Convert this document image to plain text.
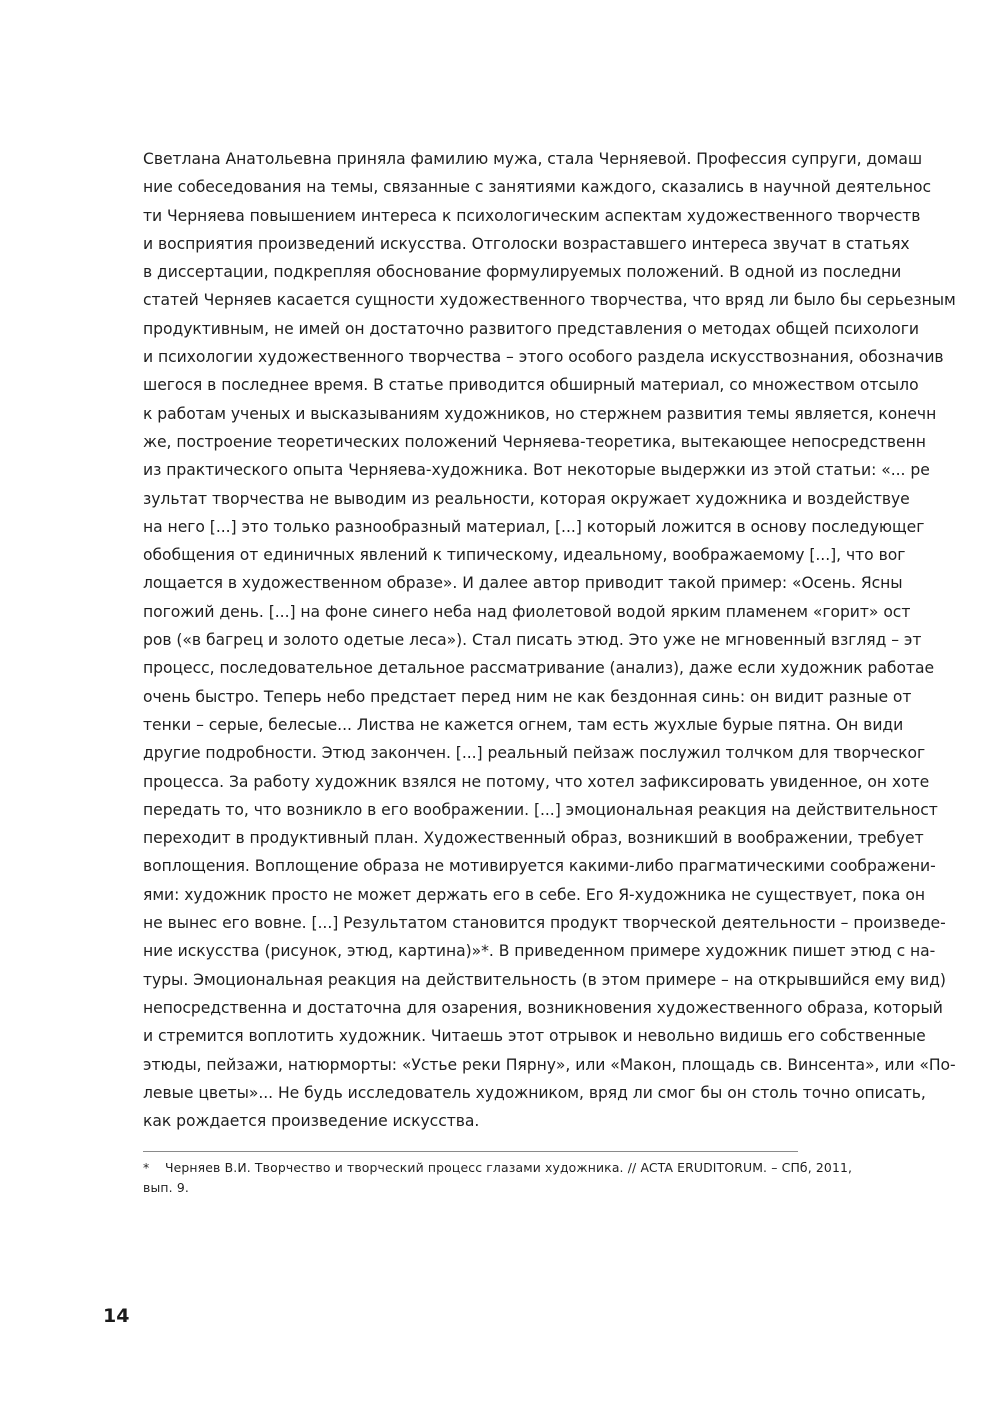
Светлана Анатольевна приняла фамилию мужа, стала Черняевой. Профессия супруги, домаш
ние собеседования на темы, связанные с занятиями каждого, сказались в научной деятельнос
ти Черняева повышением интереса к психологическим аспектам художественного творчеств
и восприятия произведений искусства. Отголоски возраставшего интереса звучат в статьях
в диссертации, подкрепляя обоснование формулируемых положений. В одной из последни
статей Черняев касается сущности художественного творчества, что вряд ли было бы серьезным
продуктивным, не имей он достаточно развитого представления о методах общей психологи
и психологии художественного творчества – этого особого раздела искусствознания, обозначив
шегося в последнее время. В статье приводится обширный материал, со множеством отсыло
к работам ученых и высказываниям художников, но стержнем развития темы является, конечн
же, построение теоретических положений Черняева-теоретика, вытекающее непосредственн
из практического опыта Черняева-художника. Вот некоторые выдержки из этой статьи: «... ре
зультат творчества не выводим из реальности, которая окружает художника и воздействуе
на него [...] это только разнообразный материал, [...] который ложится в основу последующег
обобщения от единичных явлений к типическому, идеальному, воображаемому [...], что вог
лощается в художественном образе». И далее автор приводит такой пример: «Осень. Ясны
погожий день. [...] на фоне синего неба над фиолетовой водой ярким пламенем «горит» ост
ров («в багрец и золото одетые леса»). Стал писать этюд. Это уже не мгновенный взгляд – эт
процесс, последовательное детальное рассматривание (анализ), даже если художник работае
очень быстро. Теперь небо предстает перед ним не как бездонная синь: он видит разные от
тенки – серые, белесые... Листва не кажется огнем, там есть жухлые бурые пятна. Он види
другие подробности. Этюд закончен. [...] реальный пейзаж послужил толчком для творческог
процесса. За работу художник взялся не потому, что хотел зафиксировать увиденное, он хоте
передать то, что возникло в его воображении. [...] эмоциональная реакция на действительност
переходит в продуктивный план. Художественный образ, возникший в воображении, требует
воплощения. Воплощение образа не мотивируется какими-либо прагматическими соображени-
ями: художник просто не может держать его в себе. Его Я-художника не существует, пока он
не вынес его вовне. [...] Результатом становится продукт творческой деятельности – произведе-
ние искусства (рисунок, этюд, картина)»*. В приведенном примере художник пишет этюд с на-
туры. Эмоциональная реакция на действительность (в этом примере – на открывшийся ему вид)
непосредственна и достаточна для озарения, возникновения художественного образа, который
и стремится воплотить художник. Читаешь этот отрывок и невольно видишь его собственные
этюды, пейзажи, натюрморты: «Устье реки Пярну», или «Макон, площадь св. Винсента», или «По-
левые цветы»... Не будь исследователь художником, вряд ли смог бы он столь точно описать,
как рождается произведение искусства.
* Черняев В.И. Творчество и творческий процесс глазами художника. // ACTA ERUDITORUM. – СПб, 2011,
вып. 9.
14
